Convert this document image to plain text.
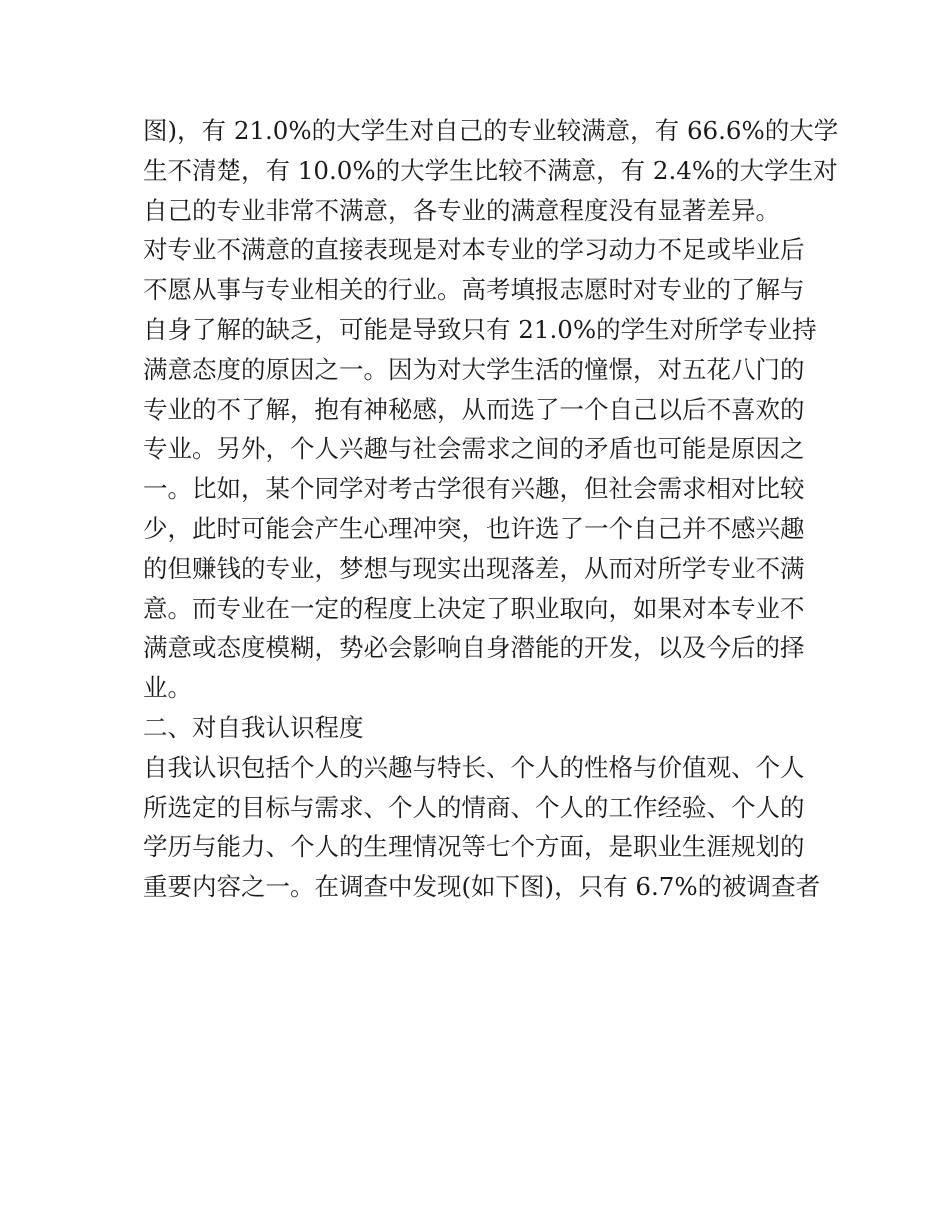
图)，有 21.0%的大学生对自己的专业较满意，有 66.6%的大学
生不清楚，有 10.0%的大学生比较不满意，有 2.4%的大学生对
自己的专业非常不满意，各专业的满意程度没有显著差异。
对专业不满意的直接表现是对本专业的学习动力不足或毕业后
不愿从事与专业相关的行业。高考填报志愿时对专业的了解与
自身了解的缺乏，可能是导致只有 21.0%的学生对所学专业持
满意态度的原因之一。因为对大学生活的憧憬，对五花八门的
专业的不了解，抱有神秘感，从而选了一个自己以后不喜欢的
专业。另外，个人兴趣与社会需求之间的矛盾也可能是原因之
一。比如，某个同学对考古学很有兴趣，但社会需求相对比较
少，此时可能会产生心理冲突，也许选了一个自己并不感兴趣
的但赚钱的专业，梦想与现实出现落差，从而对所学专业不满
意。而专业在一定的程度上决定了职业取向，如果对本专业不
满意或态度模糊，势必会影响自身潜能的开发，以及今后的择
业。
二、对自我认识程度
自我认识包括个人的兴趣与特长、个人的性格与价值观、个人
所选定的目标与需求、个人的情商、个人的工作经验、个人的
学历与能力、个人的生理情况等七个方面，是职业生涯规划的
重要内容之一。在调查中发现(如下图)，只有 6.7%的被调查者
